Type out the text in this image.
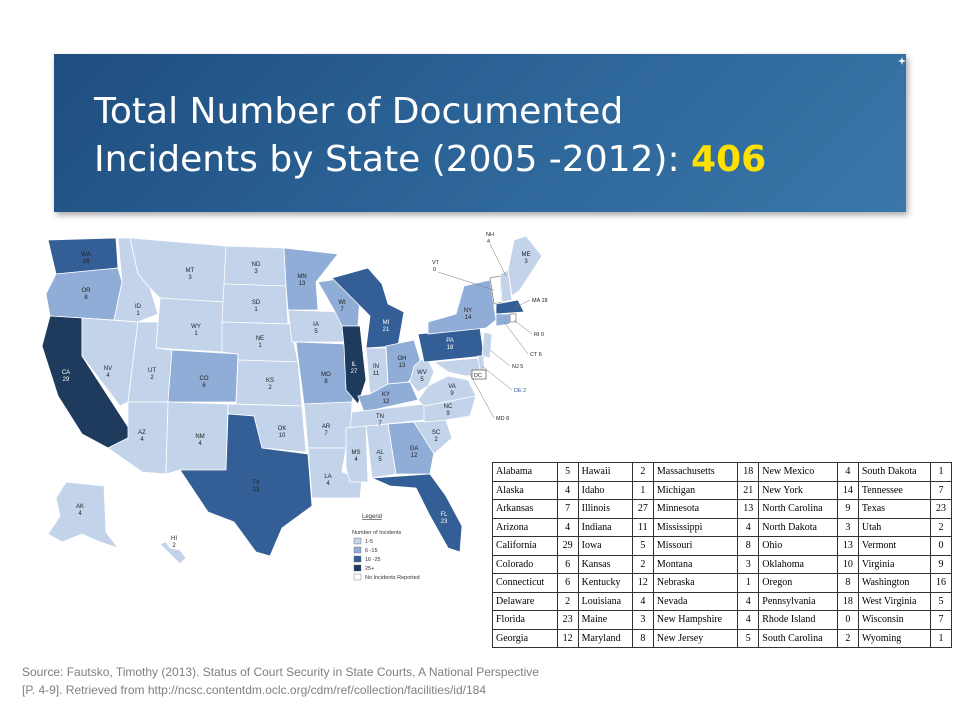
Total Number of Documented
Incidents by State (2005 -2012): 406
WA
16
OR
8
CA
29
NV
4
ID
1
MT
3
WY
1
UT
2
AZ
4
CO
6
NM
4
ND
3
SD
1
NE
1
KS
2
OK
10
TX
23
MN
13
IA
5
MO
8
AR
7
LA
4
WI
7
IL
27
MI
21
IN
11
OH
13
KY
12
TN
7
MS
4
AL
5
GA
12
FL
23
SC
2
NC
9
VA
9
WV
5
PA
18
NY
14
ME
3
AK
4
HI
2
NH
4
VT
0
MA 18
RI 0
CT 6
NJ 5
DE 2
MD 8
DC
Legend
Number of Incidents
1-5
6 -15
16 -25
25+
No Incidents Reported
Alabama	5	Hawaii	2	Massachusetts	18	New Mexico	4	South Dakota	1
Alaska	4	Idaho	1	Michigan	21	New York	14	Tennessee	7
Arkansas	7	Illinois	27	Minnesota	13	North Carolina	9	Texas	23
Arizona	4	Indiana	11	Mississippi	4	North Dakota	3	Utah	2
California	29	Iowa	5	Missouri	8	Ohio	13	Vermont	0
Colorado	6	Kansas	2	Montana	3	Oklahoma	10	Virginia	9
Connecticut	6	Kentucky	12	Nebraska	1	Oregon	8	Washington	16
Delaware	2	Louisiana	4	Nevada	4	Pennsylvania	18	West Virginia	5
Florida	23	Maine	3	New Hampshire	4	Rhode Island	0	Wisconsin	7
Georgia	12	Maryland	8	New Jersey	5	South Carolina	2	Wyoming	1
Source: Fautsko, Timothy (2013). Status of Court Security in State Courts, A National Perspective
[P. 4-9]. Retrieved from http://ncsc.contentdm.oclc.org/cdm/ref/collection/facilities/id/184
